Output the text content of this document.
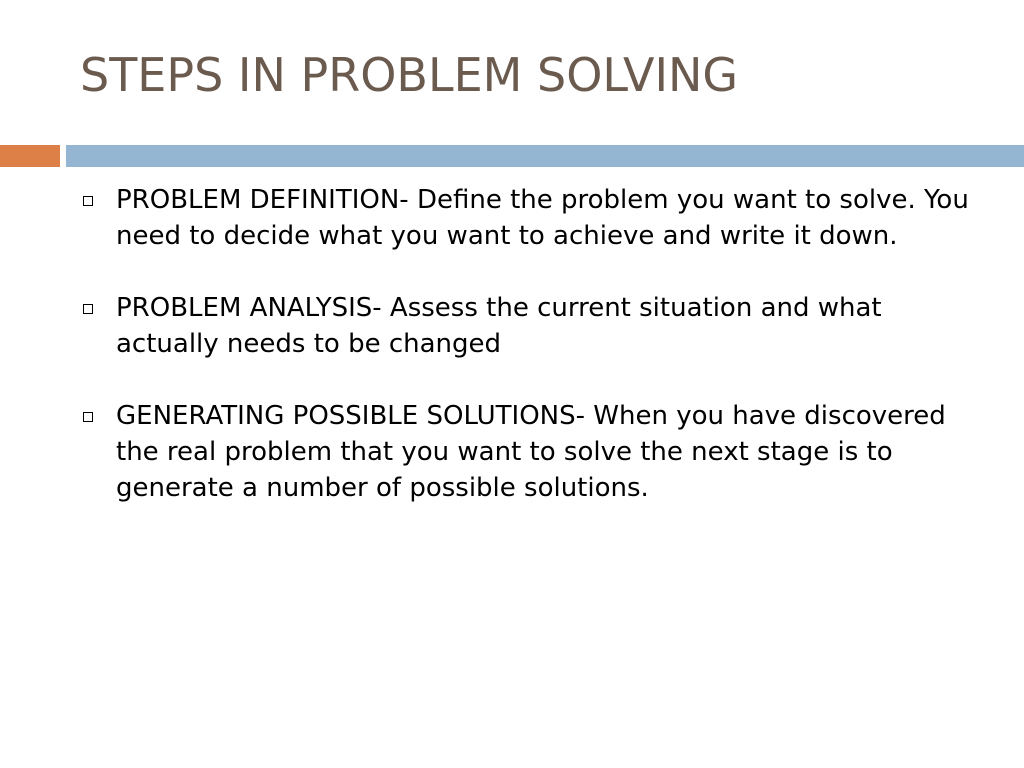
STEPS IN PROBLEM SOLVING
PROBLEM DEFINITION- Define the problem you want to solve. You need to decide what you want to achieve and write it down.
PROBLEM ANALYSIS- Assess the current situation and what actually needs to be changed
GENERATING POSSIBLE SOLUTIONS- When you have discovered the real problem that you want to solve the next stage is to generate a number of possible solutions.
